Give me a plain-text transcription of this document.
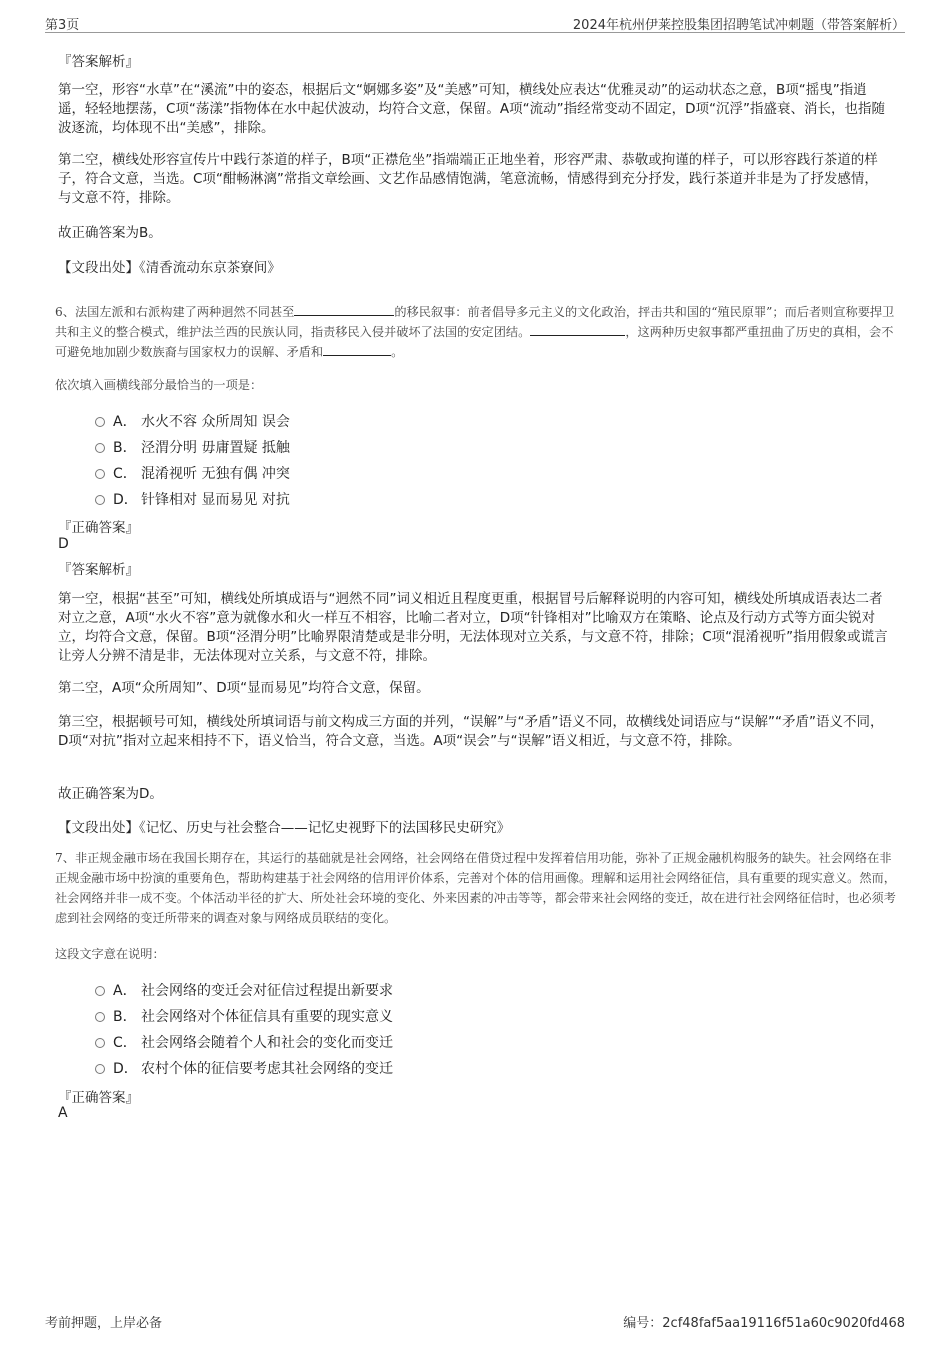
第3页	2024年杭州伊莱控股集团招聘笔试冲刺题（带答案解析）
『答案解析』
第一空，形容“水草”在“溪流”中的姿态，根据后文“婀娜多姿”及“美感”可知，横线处应表达“优雅灵动”的运动状态之意，B项“摇曳”指逍遥，轻轻地摆荡，C项“荡漾”指物体在水中起伏波动，均符合文意，保留。A项“流动”指经常变动不固定，D项“沉浮”指盛衰、消长，也指随波逐流，均体现不出“美感”，排除。
第二空，横线处形容宣传片中践行茶道的样子，B项“正襟危坐”指端端正正地坐着，形容严肃、恭敬或拘谨的样子，可以形容践行茶道的样子，符合文意，当选。C项“酣畅淋漓”常指文章绘画、文艺作品感情饱满，笔意流畅，情感得到充分抒发，践行茶道并非是为了抒发感情，与文意不符，排除。
故正确答案为B。
【文段出处】《清香流动东京茶寮间》
6、法国左派和右派构建了两种迥然不同甚至	的移民叙事：前者倡导多元主义的文化政治，抨击共和国的“殖民原罪”；而后者则宣称要捍卫共和主义的整合模式，维护法兰西的民族认同，指责移民入侵并破坏了法国的安定团结。	，这两种历史叙事都严重扭曲了历史的真相，会不可避免地加剧少数族裔与国家权力的误解、矛盾和	。
依次填入画横线部分最恰当的一项是：
A． 水火不容 众所周知 误会
B． 泾渭分明 毋庸置疑 抵触
C． 混淆视听 无独有偶 冲突
D． 针锋相对 显而易见 对抗
『正确答案』
D
『答案解析』
第一空，根据“甚至”可知，横线处所填成语与“迥然不同”词义相近且程度更重，根据冒号后解释说明的内容可知，横线处所填成语表达二者对立之意，A项“水火不容”意为就像水和火一样互不相容，比喻二者对立，D项“针锋相对”比喻双方在策略、论点及行动方式等方面尖锐对立，均符合文意，保留。B项“泾渭分明”比喻界限清楚或是非分明，无法体现对立关系，与文意不符，排除；C项“混淆视听”指用假象或谎言让旁人分辨不清是非，无法体现对立关系，与文意不符，排除。
第二空，A项“众所周知”、D项“显而易见”均符合文意，保留。
第三空，根据顿号可知，横线处所填词语与前文构成三方面的并列，“误解”与“矛盾”语义不同，故横线处词语应与“误解”“矛盾”语义不同，D项“对抗”指对立起来相持不下，语义恰当，符合文意，当选。A项“误会”与“误解”语义相近，与文意不符，排除。
故正确答案为D。
【文段出处】《记忆、历史与社会整合——记忆史视野下的法国移民史研究》
7、非正规金融市场在我国长期存在，其运行的基础就是社会网络，社会网络在借贷过程中发挥着信用功能，弥补了正规金融机构服务的缺失。社会网络在非正规金融市场中扮演的重要角色，帮助构建基于社会网络的信用评价体系，完善对个体的信用画像。理解和运用社会网络征信，具有重要的现实意义。然而，社会网络并非一成不变。个体活动半径的扩大、所处社会环境的变化、外来因素的冲击等等，都会带来社会网络的变迁，故在进行社会网络征信时，也必须考虑到社会网络的变迁所带来的调查对象与网络成员联结的变化。
这段文字意在说明：
A． 社会网络的变迁会对征信过程提出新要求
B． 社会网络对个体征信具有重要的现实意义
C． 社会网络会随着个人和社会的变化而变迁
D． 农村个体的征信要考虑其社会网络的变迁
『正确答案』
A
考前押题，上岸必备	编号：2cf48faf5aa19116f51a60c9020fd468
